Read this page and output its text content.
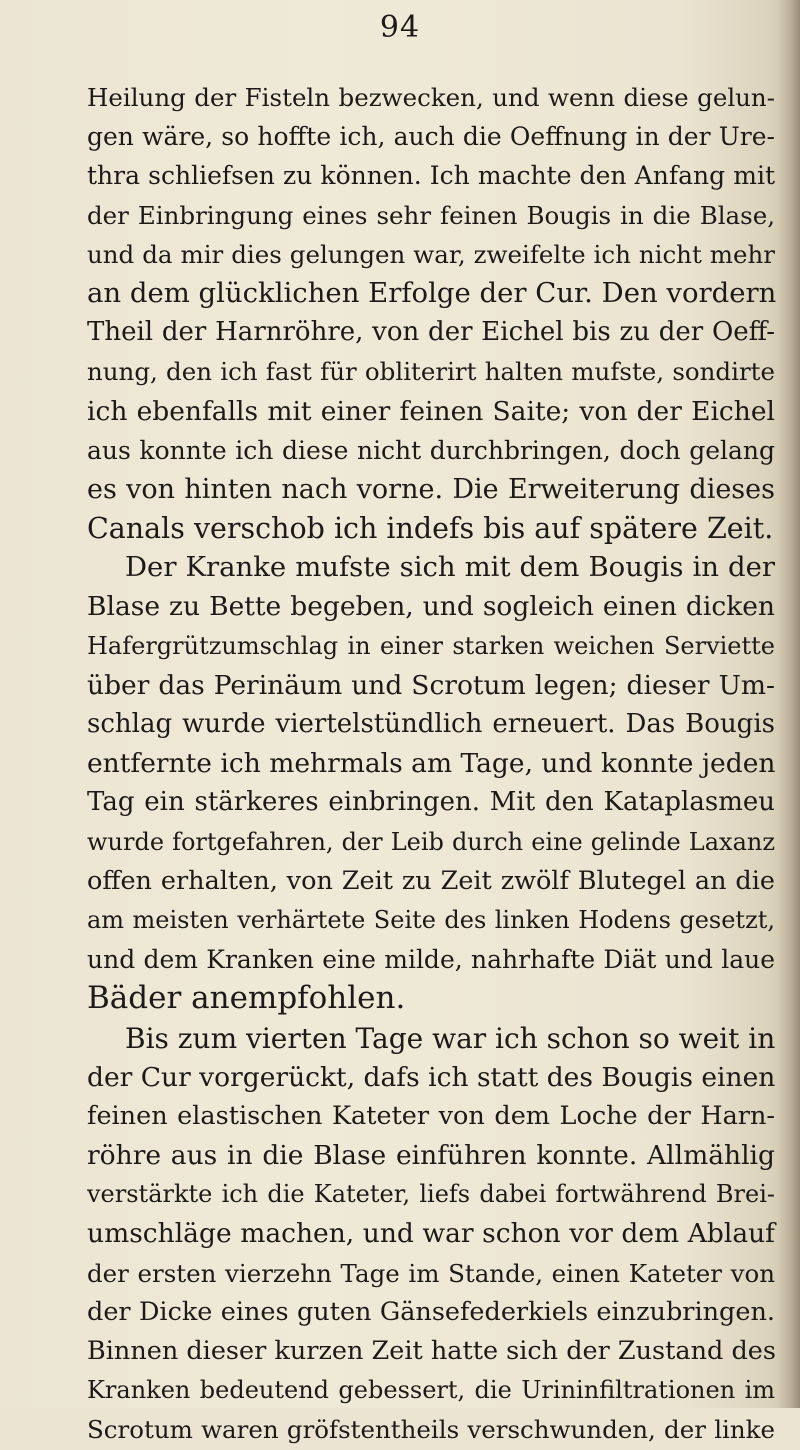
94
Heilung der Fisteln bezwecken, und wenn diese gelun-
gen wäre, so hoffte ich, auch die Oeffnung in der Ure-
thra schliefsen zu können. Ich machte den Anfang mit
der Einbringung eines sehr feinen Bougis in die Blase,
und da mir dies gelungen war, zweifelte ich nicht mehr
an dem glücklichen Erfolge der Cur. Den vordern
Theil der Harnröhre, von der Eichel bis zu der Oeff-
nung, den ich fast für obliterirt halten mufste, sondirte
ich ebenfalls mit einer feinen Saite; von der Eichel
aus konnte ich diese nicht durchbringen, doch gelang
es von hinten nach vorne. Die Erweiterung dieses
Canals verschob ich indefs bis auf spätere Zeit.
Der Kranke mufste sich mit dem Bougis in der
Blase zu Bette begeben, und sogleich einen dicken
Hafergrützumschlag in einer starken weichen Serviette
über das Perinäum und Scrotum legen; dieser Um-
schlag wurde viertelstündlich erneuert. Das Bougis
entfernte ich mehrmals am Tage, und konnte jeden
Tag ein stärkeres einbringen. Mit den Kataplasmeu
wurde fortgefahren, der Leib durch eine gelinde Laxanz
offen erhalten, von Zeit zu Zeit zwölf Blutegel an die
am meisten verhärtete Seite des linken Hodens gesetzt,
und dem Kranken eine milde, nahrhafte Diät und laue
Bäder anempfohlen.
Bis zum vierten Tage war ich schon so weit in
der Cur vorgerückt, dafs ich statt des Bougis einen
feinen elastischen Kateter von dem Loche der Harn-
röhre aus in die Blase einführen konnte. Allmählig
verstärkte ich die Kateter, liefs dabei fortwährend Brei-
umschläge machen, und war schon vor dem Ablauf
der ersten vierzehn Tage im Stande, einen Kateter von
der Dicke eines guten Gänsefederkiels einzubringen.
Binnen dieser kurzen Zeit hatte sich der Zustand des
Kranken bedeutend gebessert, die Urininfiltrationen im
Scrotum waren gröfstentheils verschwunden, der linke
